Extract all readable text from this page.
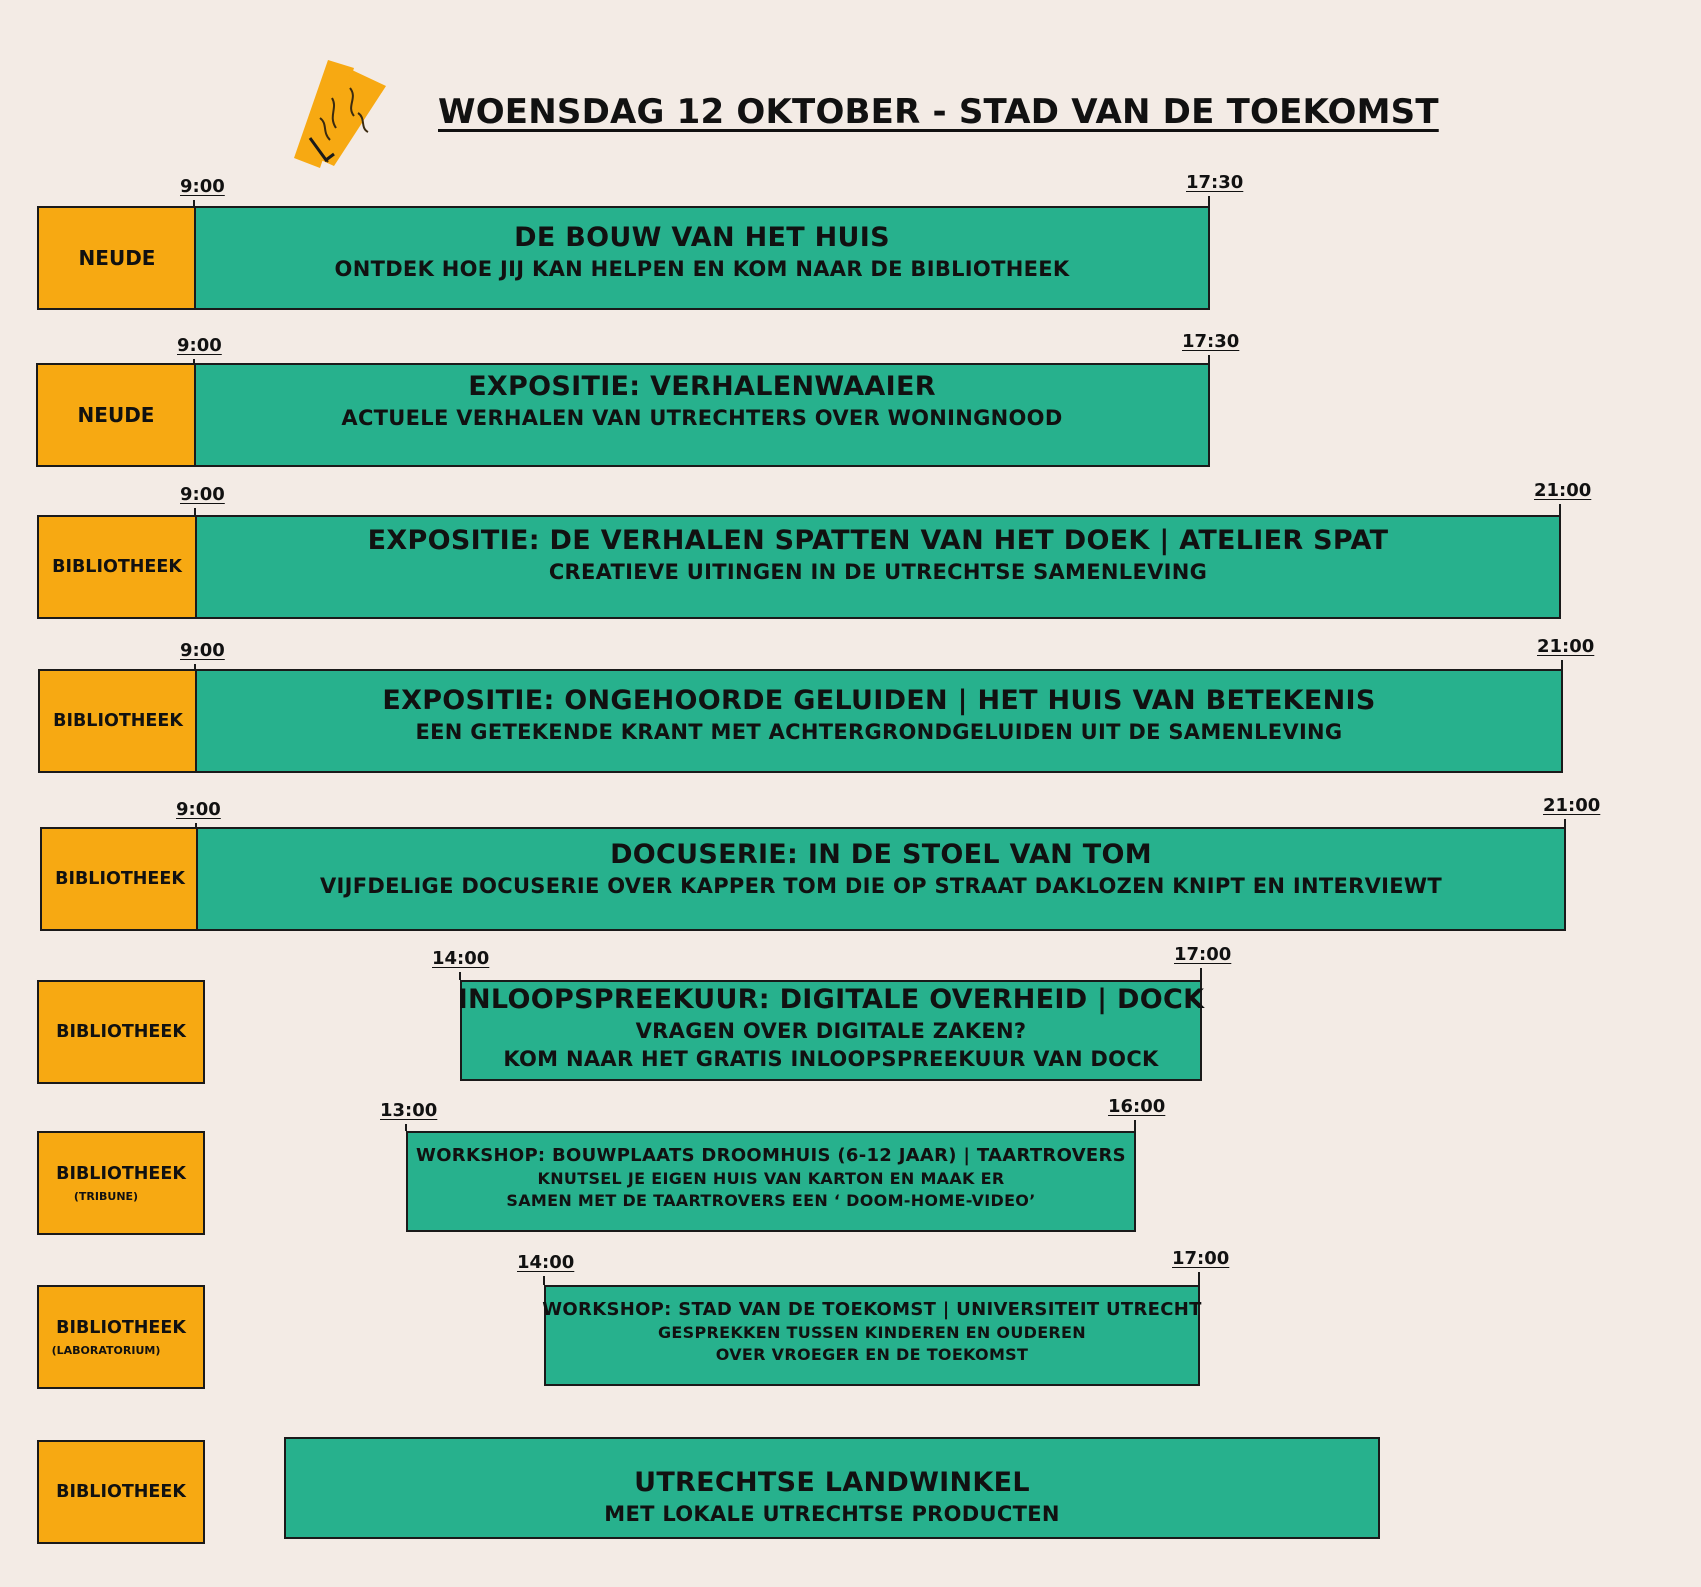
WOENSDAG 12 OKTOBER - STAD VAN DE TOEKOMST
NEUDE
DE BOUW VAN HET HUIS
ONTDEK HOE JIJ KAN HELPEN EN KOM NAAR DE BIBLIOTHEEK
9:00	17:30
NEUDE
EXPOSITIE: VERHALENWAAIER
ACTUELE VERHALEN VAN UTRECHTERS OVER WONINGNOOD
9:00	17:30
BIBLIOTHEEK
EXPOSITIE: DE VERHALEN SPATTEN VAN HET DOEK | ATELIER SPAT
CREATIEVE UITINGEN IN DE UTRECHTSE SAMENLEVING
9:00	21:00
BIBLIOTHEEK
EXPOSITIE: ONGEHOORDE GELUIDEN | HET HUIS VAN BETEKENIS
EEN GETEKENDE KRANT MET ACHTERGRONDGELUIDEN UIT DE SAMENLEVING
9:00	21:00
BIBLIOTHEEK
DOCUSERIE: IN DE STOEL VAN TOM
VIJFDELIGE DOCUSERIE OVER KAPPER TOM DIE OP STRAAT DAKLOZEN KNIPT EN INTERVIEWT
9:00	21:00
BIBLIOTHEEK
INLOOPSPREEKUUR: DIGITALE OVERHEID | DOCK
VRAGEN OVER DIGITALE ZAKEN?
KOM NAAR HET GRATIS INLOOPSPREEKUUR VAN DOCK
14:00	17:00
BIBLIOTHEEK
(TRIBUNE)
WORKSHOP: BOUWPLAATS DROOMHUIS (6-12 JAAR) | TAARTROVERS
KNUTSEL JE EIGEN HUIS VAN KARTON EN MAAK ER
SAMEN MET DE TAARTROVERS EEN ‘ DOOM-HOME-VIDEO’
13:00	16:00
BIBLIOTHEEK
(LABORATORIUM)
WORKSHOP: STAD VAN DE TOEKOMST | UNIVERSITEIT UTRECHT
GESPREKKEN TUSSEN KINDEREN EN OUDEREN
OVER VROEGER EN DE TOEKOMST
14:00	17:00
BIBLIOTHEEK	UTRECHTSE LANDWINKEL
MET LOKALE UTRECHTSE PRODUCTEN
